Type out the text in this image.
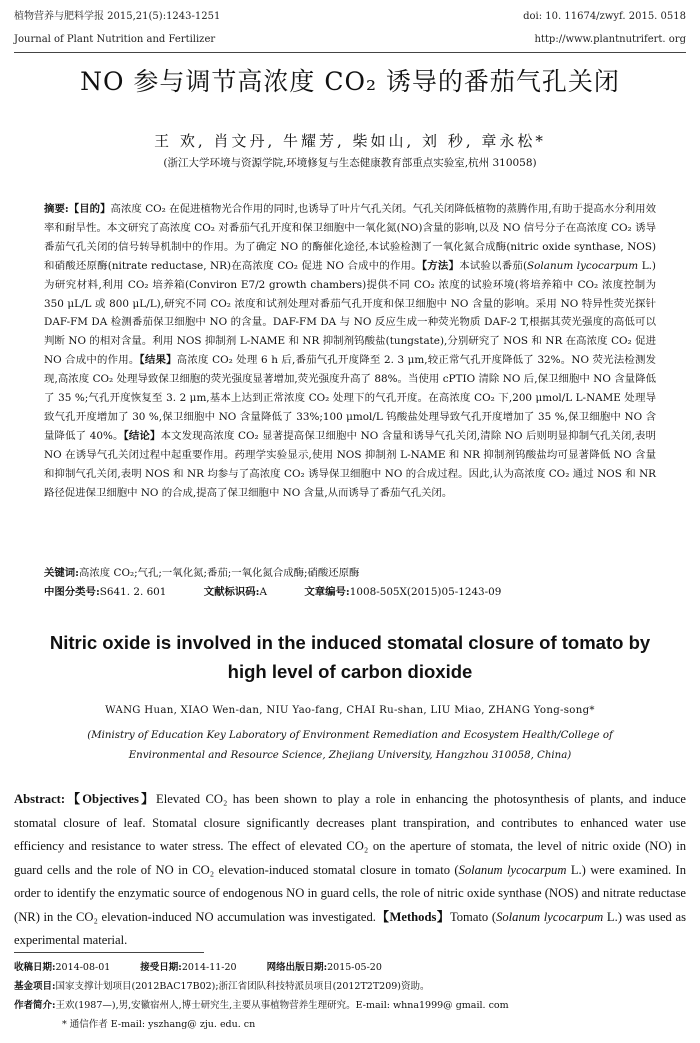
植物营养与肥料学报 2015,21(5):1243-1251	doi: 10. 11674/zwyf. 2015. 0518
Journal of Plant Nutrition and Fertilizer	http://www.plantnutrifert. org
NO 参与调节高浓度 CO₂ 诱导的番茄气孔关闭
王 欢, 肖文丹, 牛耀芳, 柴如山, 刘 秒, 章永松*
(浙江大学环境与资源学院,环境修复与生态健康教育部重点实验室,杭州 310058)
摘要:【目的】高浓度 CO₂ 在促进植物光合作用的同时,也诱导了叶片气孔关闭。气孔关闭降低植物的蒸腾作用,有助于提高水分利用效率和耐旱性。本文研究了高浓度 CO₂ 对番茄气孔开度和保卫细胞中一氧化氮(NO)含量的影响,以及 NO 信号分子在高浓度 CO₂ 诱导番茄气孔关闭的信号转导机制中的作用。为了确定 NO 的酶催化途径,本试验检测了一氧化氮合成酶(nitric oxide synthase, NOS)和硝酸还原酶(nitrate reductase, NR)在高浓度 CO₂ 促进 NO 合成中的作用。【方法】本试验以番茄(Solanum lycocarpum L.)为研究材料,利用 CO₂ 培养箱(Conviron E7/2 growth chambers)提供不同 CO₂ 浓度的试验环境(将培养箱中 CO₂ 浓度控制为 350 μL/L 或 800 μL/L),研究不同 CO₂ 浓度和试剂处理对番茄气孔开度和保卫细胞中 NO 含量的影响。采用 NO 特异性荧光探针 DAF-FM DA 检测番茄保卫细胞中 NO 的含量。DAF-FM DA 与 NO 反应生成一种荧光物质 DAF-2 T,根据其荧光强度的高低可以判断 NO 的相对含量。利用 NOS 抑制剂 L-NAME 和 NR 抑制剂钨酸盐(tungstate),分别研究了 NOS 和 NR 在高浓度 CO₂ 促进 NO 合成中的作用。【结果】高浓度 CO₂ 处理 6 h 后,番茄气孔开度降至 2. 3 μm,较正常气孔开度降低了 32%。NO 荧光法检测发现,高浓度 CO₂ 处理导致保卫细胞的荧光强度显著增加,荧光强度升高了 88%。当使用 cPTIO 清除 NO 后,保卫细胞中 NO 含量降低了 35 %;气孔开度恢复至 3. 2 μm,基本上达到正常浓度 CO₂ 处理下的气孔开度。在高浓度 CO₂ 下,200 μmol/L L-NAME 处理导致气孔开度增加了 30 %,保卫细胞中 NO 含量降低了 33%;100 μmol/L 钨酸盐处理导致气孔开度增加了 35 %,保卫细胞中 NO 含量降低了 40%。【结论】本文发现高浓度 CO₂ 显著提高保卫细胞中 NO 含量和诱导气孔关闭,清除 NO 后则明显抑制气孔关闭,表明 NO 在诱导气孔关闭过程中起重要作用。药理学实验显示,使用 NOS 抑制剂 L-NAME 和 NR 抑制剂钨酸盐均可显著降低 NO 含量和抑制气孔关闭,表明 NOS 和 NR 均参与了高浓度 CO₂ 诱导保卫细胞中 NO 的合成过程。因此,认为高浓度 CO₂ 通过 NOS 和 NR 路径促进保卫细胞中 NO 的合成,提高了保卫细胞中 NO 含量,从而诱导了番茄气孔关闭。
关键词:高浓度 CO₂;气孔;一氧化氮;番茄;一氧化氮合成酶;硝酸还原酶
中图分类号:S641. 2. 601	文献标识码:A	文章编号:1008-505X(2015)05-1243-09
Nitric oxide is involved in the induced stomatal closure of tomato by high level of carbon dioxide
WANG Huan, XIAO Wen-dan, NIU Yao-fang, CHAI Ru-shan, LIU Miao, ZHANG Yong-song*
(Ministry of Education Key Laboratory of Environment Remediation and Ecosystem Health/College of Environmental and Resource Science, Zhejiang University, Hangzhou 310058, China)
Abstract:【Objectives】Elevated CO₂ has been shown to play a role in enhancing the photosynthesis of plants, and induce stomatal closure of leaf. Stomatal closure significantly decreases plant transpiration, and contributes to enhanced water use efficiency and resistance to water stress. The effect of elevated CO₂ on the aperture of stomata, the level of nitric oxide (NO) in guard cells and the role of NO in CO₂ elevation-induced stomatal closure in tomato (Solanum lycocarpum L.) were examined. In order to identify the enzymatic source of endogenous NO in guard cells, the role of nitric oxide synthase (NOS) and nitrate reductase (NR) in the CO₂ elevation-induced NO accumulation was investigated.【Methods】Tomato (Solanum lycocarpum L.) was used as experimental material.
收稿日期:2014-08-01	接受日期:2014-11-20	网络出版日期:2015-05-20
基金项目:国家支撑计划项目(2012BAC17B02);浙江省团队科技特派员项目(2012T2T209)资助。
作者简介:王欢(1987—),男,安徽宿州人,博士研究生,主要从事植物营养生理研究。E-mail: whna1999@ gmail. com
* 通信作者 E-mail: yszhang@ zju. edu. cn
